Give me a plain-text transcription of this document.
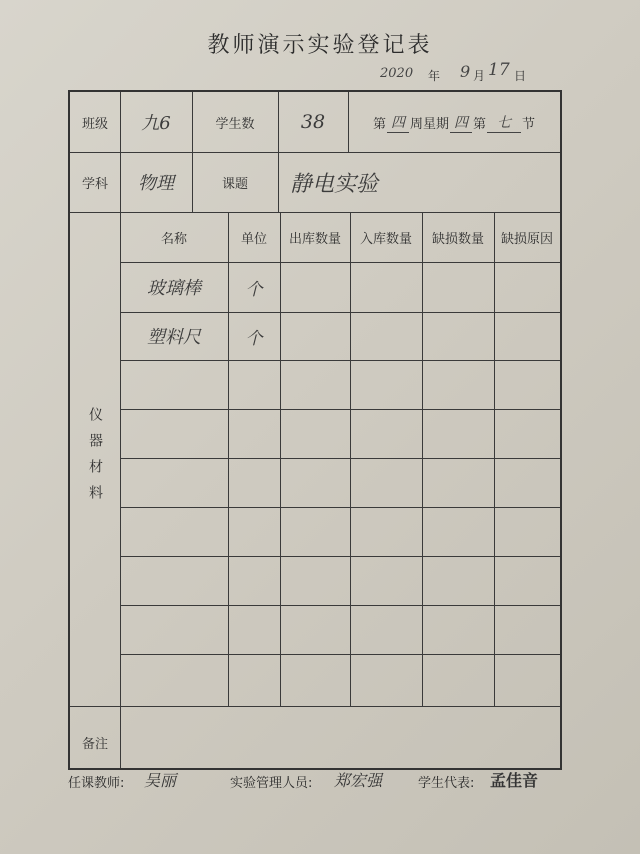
教师演示实验登记表
2020 年 9 月 17 日
班级	九6	学生数	38	第 四 周星期 四 第 七 节
学科	物理	课题	静电实验
仪器材料
名称	单位	出库数量	入库数量	缺损数量	缺损原因
玻璃棒	个
塑料尺	个
备注
任课教师: 吴丽	实验管理人员: 郑宏强	学生代表: 孟佳音
